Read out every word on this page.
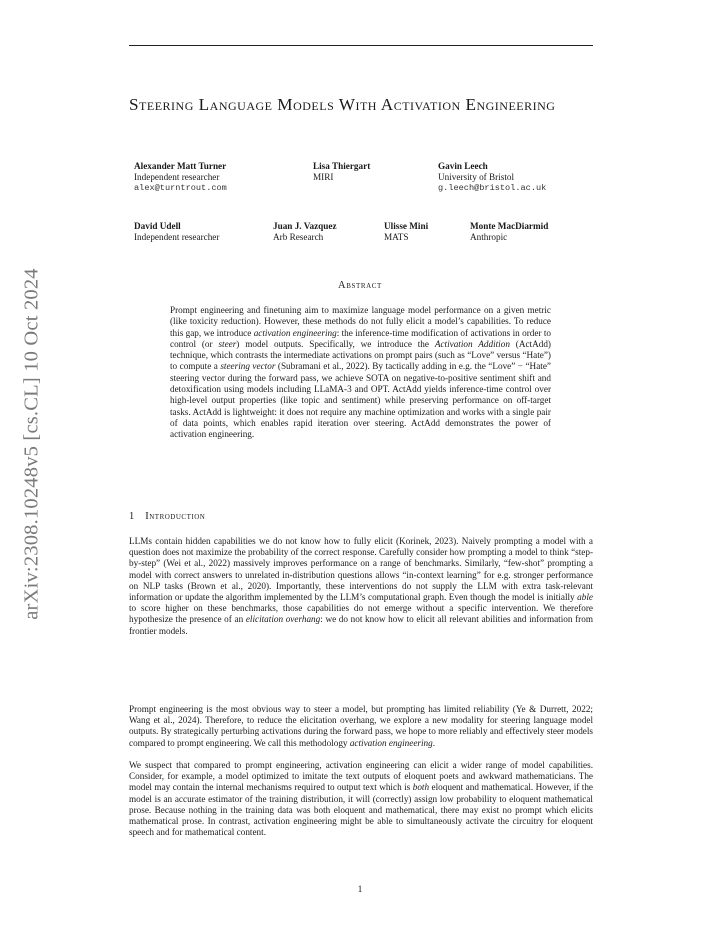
arXiv:2308.10248v5 [cs.CL] 10 Oct 2024
Steering Language Models With Activation Engineering
Alexander Matt Turner
Independent researcher
alex@turntrout.com
Lisa Thiergart
MIRI
Gavin Leech
University of Bristol
g.leech@bristol.ac.uk
David Udell
Independent researcher
Juan J. Vazquez
Arb Research
Ulisse Mini
MATS
Monte MacDiarmid
Anthropic
Abstract

Prompt engineering and finetuning aim to maximize language model performance on a given metric (like toxicity reduction). However, these methods do not fully elicit a model’s capabilities. To reduce this gap, we introduce activation engineering: the inference-time modification of activations in order to control (or steer) model outputs. Specifically, we introduce the Activation Addition (ActAdd) technique, which contrasts the intermediate activations on prompt pairs (such as “Love” versus “Hate”) to compute a steering vector (Subramani et al., 2022). By tactically adding in e.g. the “Love” − “Hate” steering vector during the forward pass, we achieve SOTA on negative-to-positive sentiment shift and detoxification using models including LLaMA-3 and OPT. ActAdd yields inference-time control over high-level output properties (like topic and sentiment) while preserving performance on off-target tasks. ActAdd is lightweight: it does not require any machine optimization and works with a single pair of data points, which enables rapid iteration over steering. ActAdd demonstrates the power of activation engineering.

1 Introduction

LLMs contain hidden capabilities we do not know how to fully elicit (Korinek, 2023). Naively prompting a model with a question does not maximize the probability of the correct response. Carefully consider how prompting a model to think “step-by-step” (Wei et al., 2022) massively improves performance on a range of benchmarks. Similarly, “few-shot” prompting a model with correct answers to unrelated in-distribution questions allows “in-context learning” for e.g. stronger performance on NLP tasks (Brown et al., 2020). Importantly, these interventions do not supply the LLM with extra task-relevant information or update the algorithm implemented by the LLM’s computational graph. Even though the model is initially able to score higher on these benchmarks, those capabilities do not emerge without a specific intervention. We therefore hypothesize the presence of an elicitation overhang: we do not know how to elicit all relevant abilities and information from frontier models.

Prompt engineering is the most obvious way to steer a model, but prompting has limited reliability (Ye & Durrett, 2022; Wang et al., 2024). Therefore, to reduce the elicitation overhang, we explore a new modality for steering language model outputs. By strategically perturbing activations during the forward pass, we hope to more reliably and effectively steer models compared to prompt engineering. We call this methodology activation engineering.

We suspect that compared to prompt engineering, activation engineering can elicit a wider range of model capabilities. Consider, for example, a model optimized to imitate the text outputs of eloquent poets and awkward mathematicians. The model may contain the internal mechanisms required to output text which is both eloquent and mathematical. However, if the model is an accurate estimator of the training distribution, it will (correctly) assign low probability to eloquent mathematical prose. Because nothing in the training data was both eloquent and mathematical, there may exist no prompt which elicits mathematical prose. In contrast, activation engineering might be able to simultaneously activate the circuitry for eloquent speech and for mathematical content.

1
